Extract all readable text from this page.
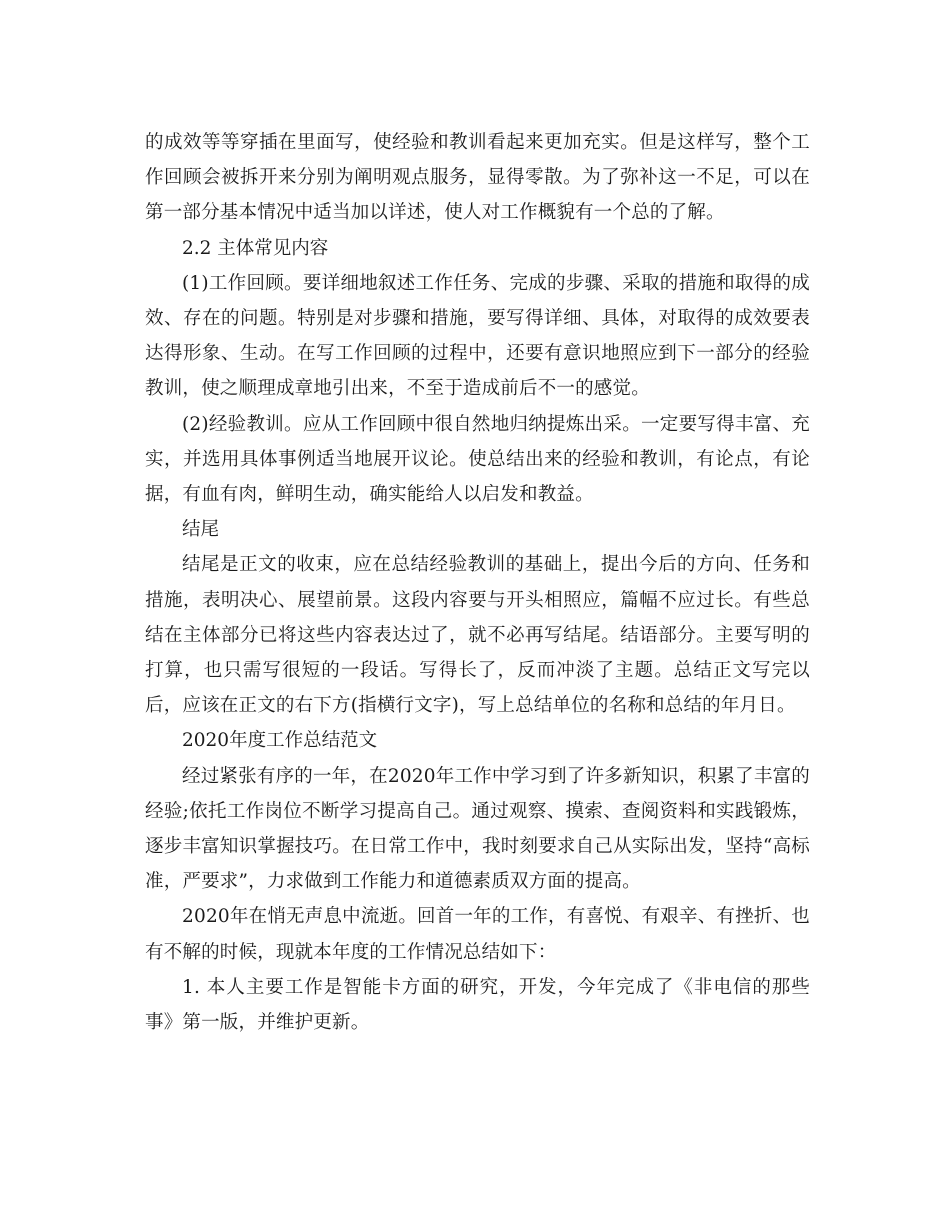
的成效等等穿插在里面写，使经验和教训看起来更加充实。但是这样写，整个工作回顾会被拆开来分别为阐明观点服务，显得零散。为了弥补这一不足，可以在第一部分基本情况中适当加以详述，使人对工作概貌有一个总的了解。

2.2 主体常见内容

(1)工作回顾。要详细地叙述工作任务、完成的步骤、采取的措施和取得的成效、存在的问题。特别是对步骤和措施，要写得详细、具体，对取得的成效要表达得形象、生动。在写工作回顾的过程中，还要有意识地照应到下一部分的经验教训，使之顺理成章地引出来，不至于造成前后不一的感觉。

(2)经验教训。应从工作回顾中很自然地归纳提炼出采。一定要写得丰富、充实，并选用具体事例适当地展开议论。使总结出来的经验和教训，有论点，有论据，有血有肉，鲜明生动，确实能给人以启发和教益。

结尾

结尾是正文的收束，应在总结经验教训的基础上，提出今后的方向、任务和措施，表明决心、展望前景。这段内容要与开头相照应，篇幅不应过长。有些总结在主体部分已将这些内容表达过了，就不必再写结尾。结语部分。主要写明的打算，也只需写很短的一段话。写得长了，反而冲淡了主题。总结正文写完以后，应该在正文的右下方(指横行文字)，写上总结单位的名称和总结的年月日。

2020年度工作总结范文

经过紧张有序的一年，在2020年工作中学习到了许多新知识，积累了丰富的经验;依托工作岗位不断学习提高自己。通过观察、摸索、查阅资料和实践锻炼，逐步丰富知识掌握技巧。在日常工作中，我时刻要求自己从实际出发，坚持“高标准，严要求”，力求做到工作能力和道德素质双方面的提高。

2020年在悄无声息中流逝。回首一年的工作，有喜悦、有艰辛、有挫折、也有不解的时候，现就本年度的工作情况总结如下：

1. 本人主要工作是智能卡方面的研究，开发，今年完成了《非电信的那些事》第一版，并维护更新。
